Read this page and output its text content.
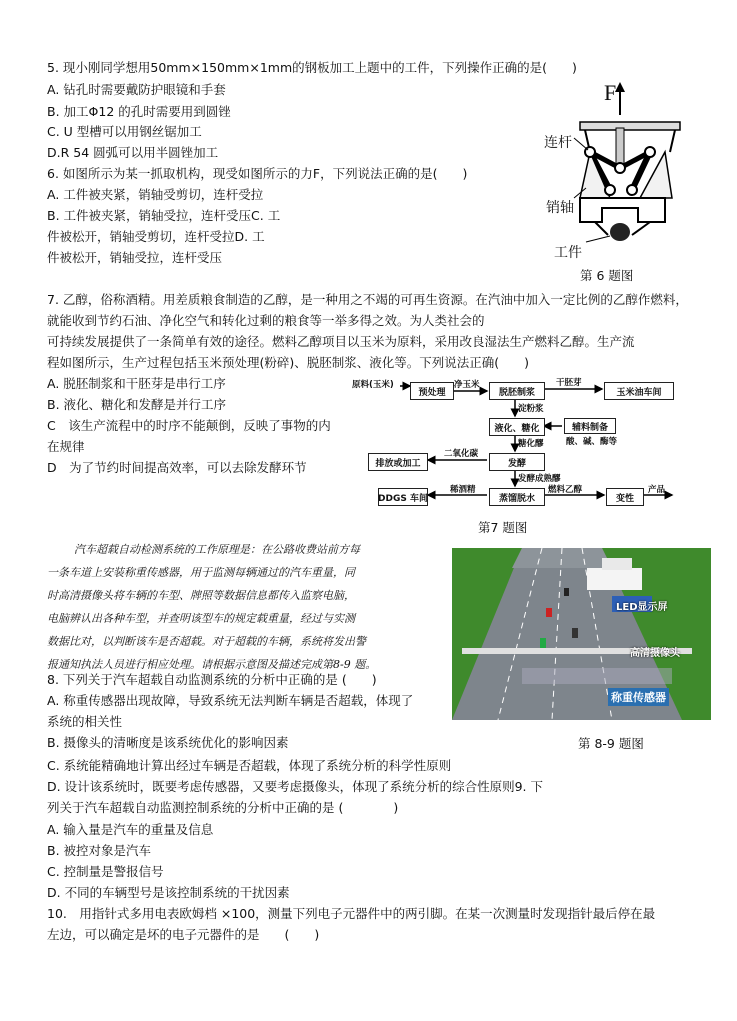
5. 现小刚同学想用50mm×150mm×1mm的钢板加工上题中的工件，下列操作正确的是(　　)
A. 钻孔时需要戴防护眼镜和手套
B. 加工Φ12 的孔时需要用到圆锉
C. U 型槽可以用钢丝锯加工
D.R 54 圆弧可以用半圆锉加工
6. 如图所示为某一抓取机构，现受如图所示的力F，下列说法正确的是(　　)
A. 工件被夹紧，销轴受剪切，连杆受拉
B. 工件被夹紧，销轴受拉，连杆受压C. 工
件被松开，销轴受剪切，连杆受拉D. 工
件被松开，销轴受拉，连杆受压
F
连杆
销轴
工件
第 6 题图
7. 乙醇，俗称酒精。用差质粮食制造的乙醇，是一种用之不竭的可再生资源。在汽油中加入一定比例的乙醇作燃料，
就能收到节约石油、净化空气和转化过剩的粮食等一举多得之效。为人类社会的
可持续发展提供了一条简单有效的途径。燃料乙醇项目以玉米为原料，采用改良湿法生产燃料乙醇。生产流
程如图所示，生产过程包括玉米预处理(粉碎)、脱胚制浆、液化等。下列说法正确(　　)
A. 脱胚制浆和干胚芽是串行工序
B. 液化、糖化和发酵是并行工序
C　该生产流程中的时序不能颠倒，反映了事物的内
在规律
D　为了节约时间提高效率，可以去除发酵环节
原料(玉米)
预处理
净玉米
脱胚制浆
干胚芽
玉米油车间
淀粉浆
液化、糖化	辅料制备
酸、碱、酶等
糖化醪
二氧化碳
发酵
排放或加工
发酵成熟醪
蒸馏脱水
稀酒精
DDGS 车间
燃料乙醇
变性
产品
第7 题图
汽车超载自动检测系统的工作原理是：在公路收费站前方每
一条车道上安装称重传感器，用于监测每辆通过的汽车重量，同
时高清摄像头将车辆的车型、牌照等数据信息都传入监察电脑，
电脑辨认出各种车型，并查明该型车的规定载重量，经过与实测
数据比对，以判断该车是否超载。对于超载的车辆，系统将发出警
报通知执法人员进行相应处理。请根据示意图及描述完成第8-9 题。
LED显示屏
高清摄像头
称重传感器
第 8-9 题图
8. 下列关于汽车超载自动监测系统的分析中正确的是 (　　)
A. 称重传感器出现故障，导致系统无法判断车辆是否超载，体现了
系统的相关性
B. 摄像头的清晰度是该系统优化的影响因素
C. 系统能精确地计算出经过车辆是否超载，体现了系统分析的科学性原则
D. 设计该系统时，既要考虑传感器，又要考虑摄像头，体现了系统分析的综合性原则9. 下
列关于汽车超载自动监测控制系统的分析中正确的是 (　　　　)
A. 输入量是汽车的重量及信息
B. 被控对象是汽车
C. 控制量是警报信号
D. 不同的车辆型号是该控制系统的干扰因素
10.　用指针式多用电表欧姆档 ×100，测量下列电子元器件中的两引脚。在某一次测量时发现指针最后停在最
左边，可以确定是坏的电子元器件的是　　(　　)
